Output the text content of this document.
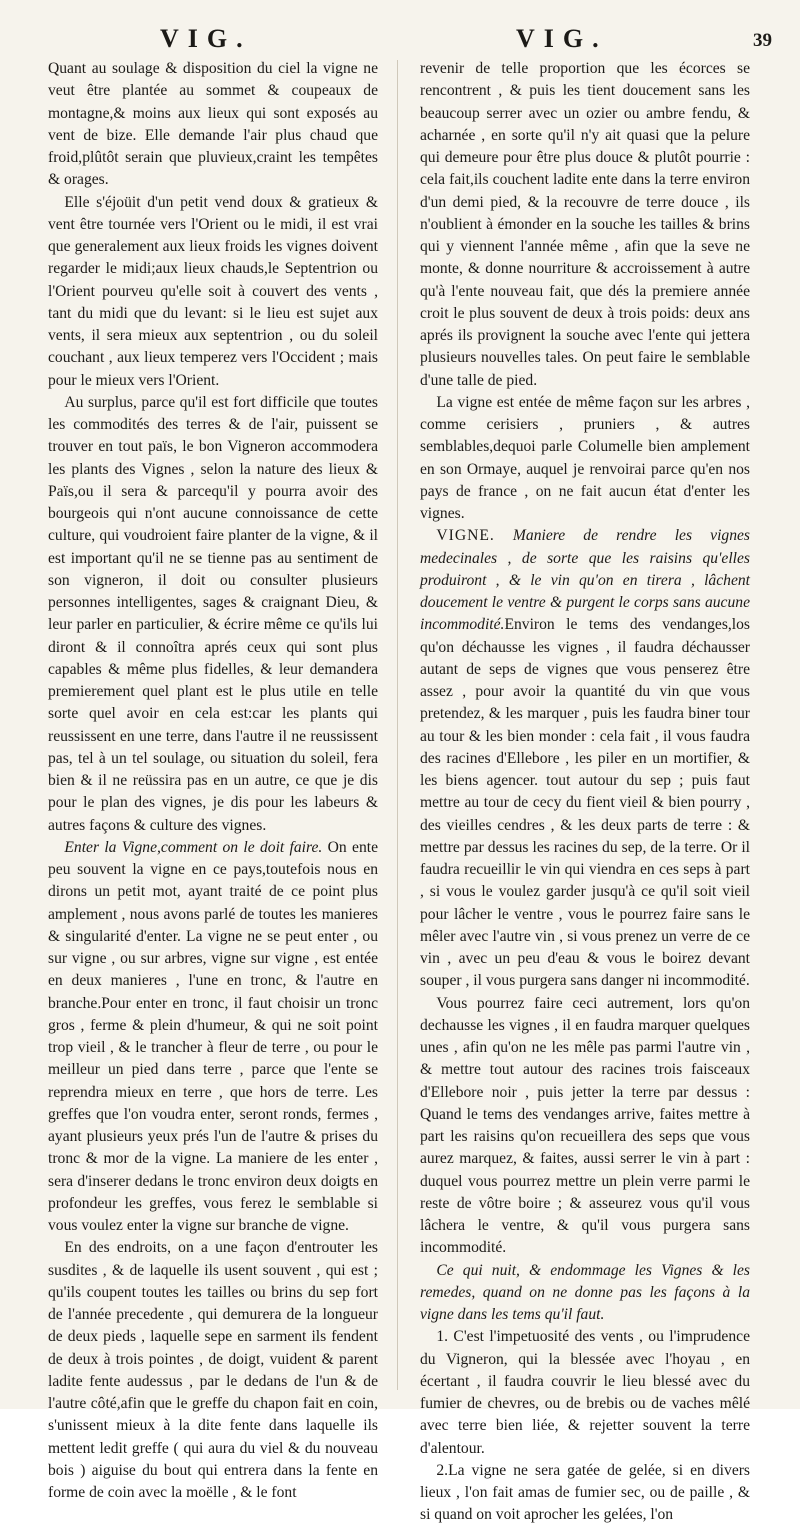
VIG.	VIG.	39

Quant au soulage & disposition du ciel la vigne ne veut être plantée au sommet & coupeaux de montagne,& moins aux lieux qui sont exposés au vent de bize. Elle demande l'air plus chaud que froid,plûtôt serain que pluvieux,craint les tempêtes & orages.

Elle s'éjoüit d'un petit vend doux & gratieux & vent être tournée vers l'Orient ou le midi, il est vrai que generalement aux lieux froids les vignes doivent regarder le midi;aux lieux chauds,le Septentrion ou l'Orient pourveu qu'elle soit à couvert des vents , tant du midi que du levant: si le lieu est sujet aux vents, il sera mieux aux septentrion , ou du soleil couchant , aux lieux temperez vers l'Occident ; mais pour le mieux vers l'Orient.

Au surplus, parce qu'il est fort difficile que toutes les commodités des terres & de l'air, puissent se trouver en tout païs, le bon Vigneron accommodera les plants des Vignes , selon la nature des lieux & Païs,ou il sera & parcequ'il y pourra avoir des bourgeois qui n'ont aucune connoissance de cette culture, qui voudroient faire planter de la vigne, & il est important qu'il ne se tienne pas au sentiment de son vigneron, il doit ou consulter plusieurs personnes intelligentes, sages & craignant Dieu, & leur parler en particulier, & écrire même ce qu'ils lui diront & il connoîtra aprés ceux qui sont plus capables & même plus fidelles, & leur demandera premierement quel plant est le plus utile en telle sorte quel avoir en cela est:car les plants qui reussissent en une terre, dans l'autre il ne reussissent pas, tel à un tel soulage, ou situation du soleil, fera bien & il ne reüssira pas en un autre, ce que je dis pour le plan des vignes, je dis pour les labeurs & autres façons & culture des vignes.

Enter la Vigne,comment on le doit faire. On ente peu souvent la vigne en ce pays,toutefois nous en dirons un petit mot, ayant traité de ce point plus amplement , nous avons parlé de toutes les manieres & singularité d'enter. La vigne ne se peut enter , ou sur vigne , ou sur arbres, vigne sur vigne , est entée en deux manieres , l'une en tronc, & l'autre en branche.Pour enter en tronc, il faut choisir un tronc gros , ferme & plein d'humeur, & qui ne soit point trop vieil , & le trancher à fleur de terre , ou pour le meilleur un pied dans terre , parce que l'ente se reprendra mieux en terre , que hors de terre. Les greffes que l'on voudra enter, seront ronds, fermes , ayant plusieurs yeux prés l'un de l'autre & prises du tronc & mor de la vigne. La maniere de les enter , sera d'inserer dedans le tronc environ deux doigts en profondeur les greffes, vous ferez le semblable si vous voulez enter la vigne sur branche de vigne.

En des endroits, on a une façon d'entrouter les susdites , & de laquelle ils usent souvent , qui est ; qu'ils coupent toutes les tailles ou brins du sep fort de l'année precedente , qui demurera de la longueur de deux pieds , laquelle sepe en sarment ils fendent de deux à trois pointes , de doigt, vuident & parent ladite fente audessus , par le dedans de l'un & de l'autre côté,afin que le greffe du chapon fait en coin, s'unissent mieux à la dite fente dans laquelle ils mettent ledit greffe ( qui aura du viel & du nouveau bois ) aiguise du bout qui entrera dans la fente en forme de coin avec la moëlle , & le font

revenir de telle proportion que les écorces se rencontrent , & puis les tient doucement sans les beaucoup serrer avec un ozier ou ambre fendu, & acharnée , en sorte qu'il n'y ait quasi que la pelure qui demeure pour être plus douce & plutôt pourrie : cela fait,ils couchent ladite ente dans la terre environ d'un demi pied, & la recouvre de terre douce , ils n'oublient à émonder en la souche les tailles & brins qui y viennent l'année même , afin que la seve ne monte, & donne nourriture & accroissement à autre qu'à l'ente nouveau fait, que dés la premiere année croit le plus souvent de deux à trois poids: deux ans aprés ils provignent la souche avec l'ente qui jettera plusieurs nouvelles tales. On peut faire le semblable d'une talle de pied.

La vigne est entée de même façon sur les arbres , comme cerisiers , pruniers , & autres semblables,dequoi parle Columelle bien amplement en son Ormaye, auquel je renvoirai parce qu'en nos pays de france , on ne fait aucun état d'enter les vignes.

VIGNE. Maniere de rendre les vignes medecinales , de sorte que les raisins qu'elles produiront , & le vin qu'on en tirera , lâchent doucement le ventre & purgent le corps sans aucune incommodité.Environ le tems des vendanges,los qu'on déchausse les vignes , il faudra déchausser autant de seps de vignes que vous penserez être assez , pour avoir la quantité du vin que vous pretendez, & les marquer , puis les faudra biner tour au tour & les bien monder : cela fait , il vous faudra des racines d'Ellebore , les piler en un mortifier, & les biens agencer. tout autour du sep ; puis faut mettre au tour de cecy du fient vieil & bien pourry , des vieilles cendres , & les deux parts de terre : & mettre par dessus les racines du sep, de la terre. Or il faudra recueillir le vin qui viendra en ces seps à part , si vous le voulez garder jusqu'à ce qu'il soit vieil pour lâcher le ventre , vous le pourrez faire sans le mêler avec l'autre vin , si vous prenez un verre de ce vin , avec un peu d'eau & vous le boirez devant souper , il vous purgera sans danger ni incommodité.

Vous pourrez faire ceci autrement, lors qu'on dechausse les vignes , il en faudra marquer quelques unes , afin qu'on ne les mêle pas parmi l'autre vin , & mettre tout autour des racines trois faisceaux d'Ellebore noir , puis jetter la terre par dessus : Quand le tems des vendanges arrive, faites mettre à part les raisins qu'on recueillera des seps que vous aurez marquez, & faites, aussi serrer le vin à part : duquel vous pourrez mettre un plein verre parmi le reste de vôtre boire ; & asseurez vous qu'il vous lâchera le ventre, & qu'il vous purgera sans incommodité.

Ce qui nuit, & endommage les Vignes & les remedes, quand on ne donne pas les façons à la vigne dans les tems qu'il faut.

1. C'est l'impetuosité des vents , ou l'imprudence du Vigneron, qui la blessée avec l'hoyau , en écertant , il faudra couvrir le lieu blessé avec du fumier de chevres, ou de brebis ou de vaches mêlé avec terre bien liée, & rejetter souvent la terre d'alentour.

2.La vigne ne sera gatée de gelée, si en divers lieux , l'on fait amas de fumier sec, ou de paille , & si quand on voit aprocher les gelées, l'on
